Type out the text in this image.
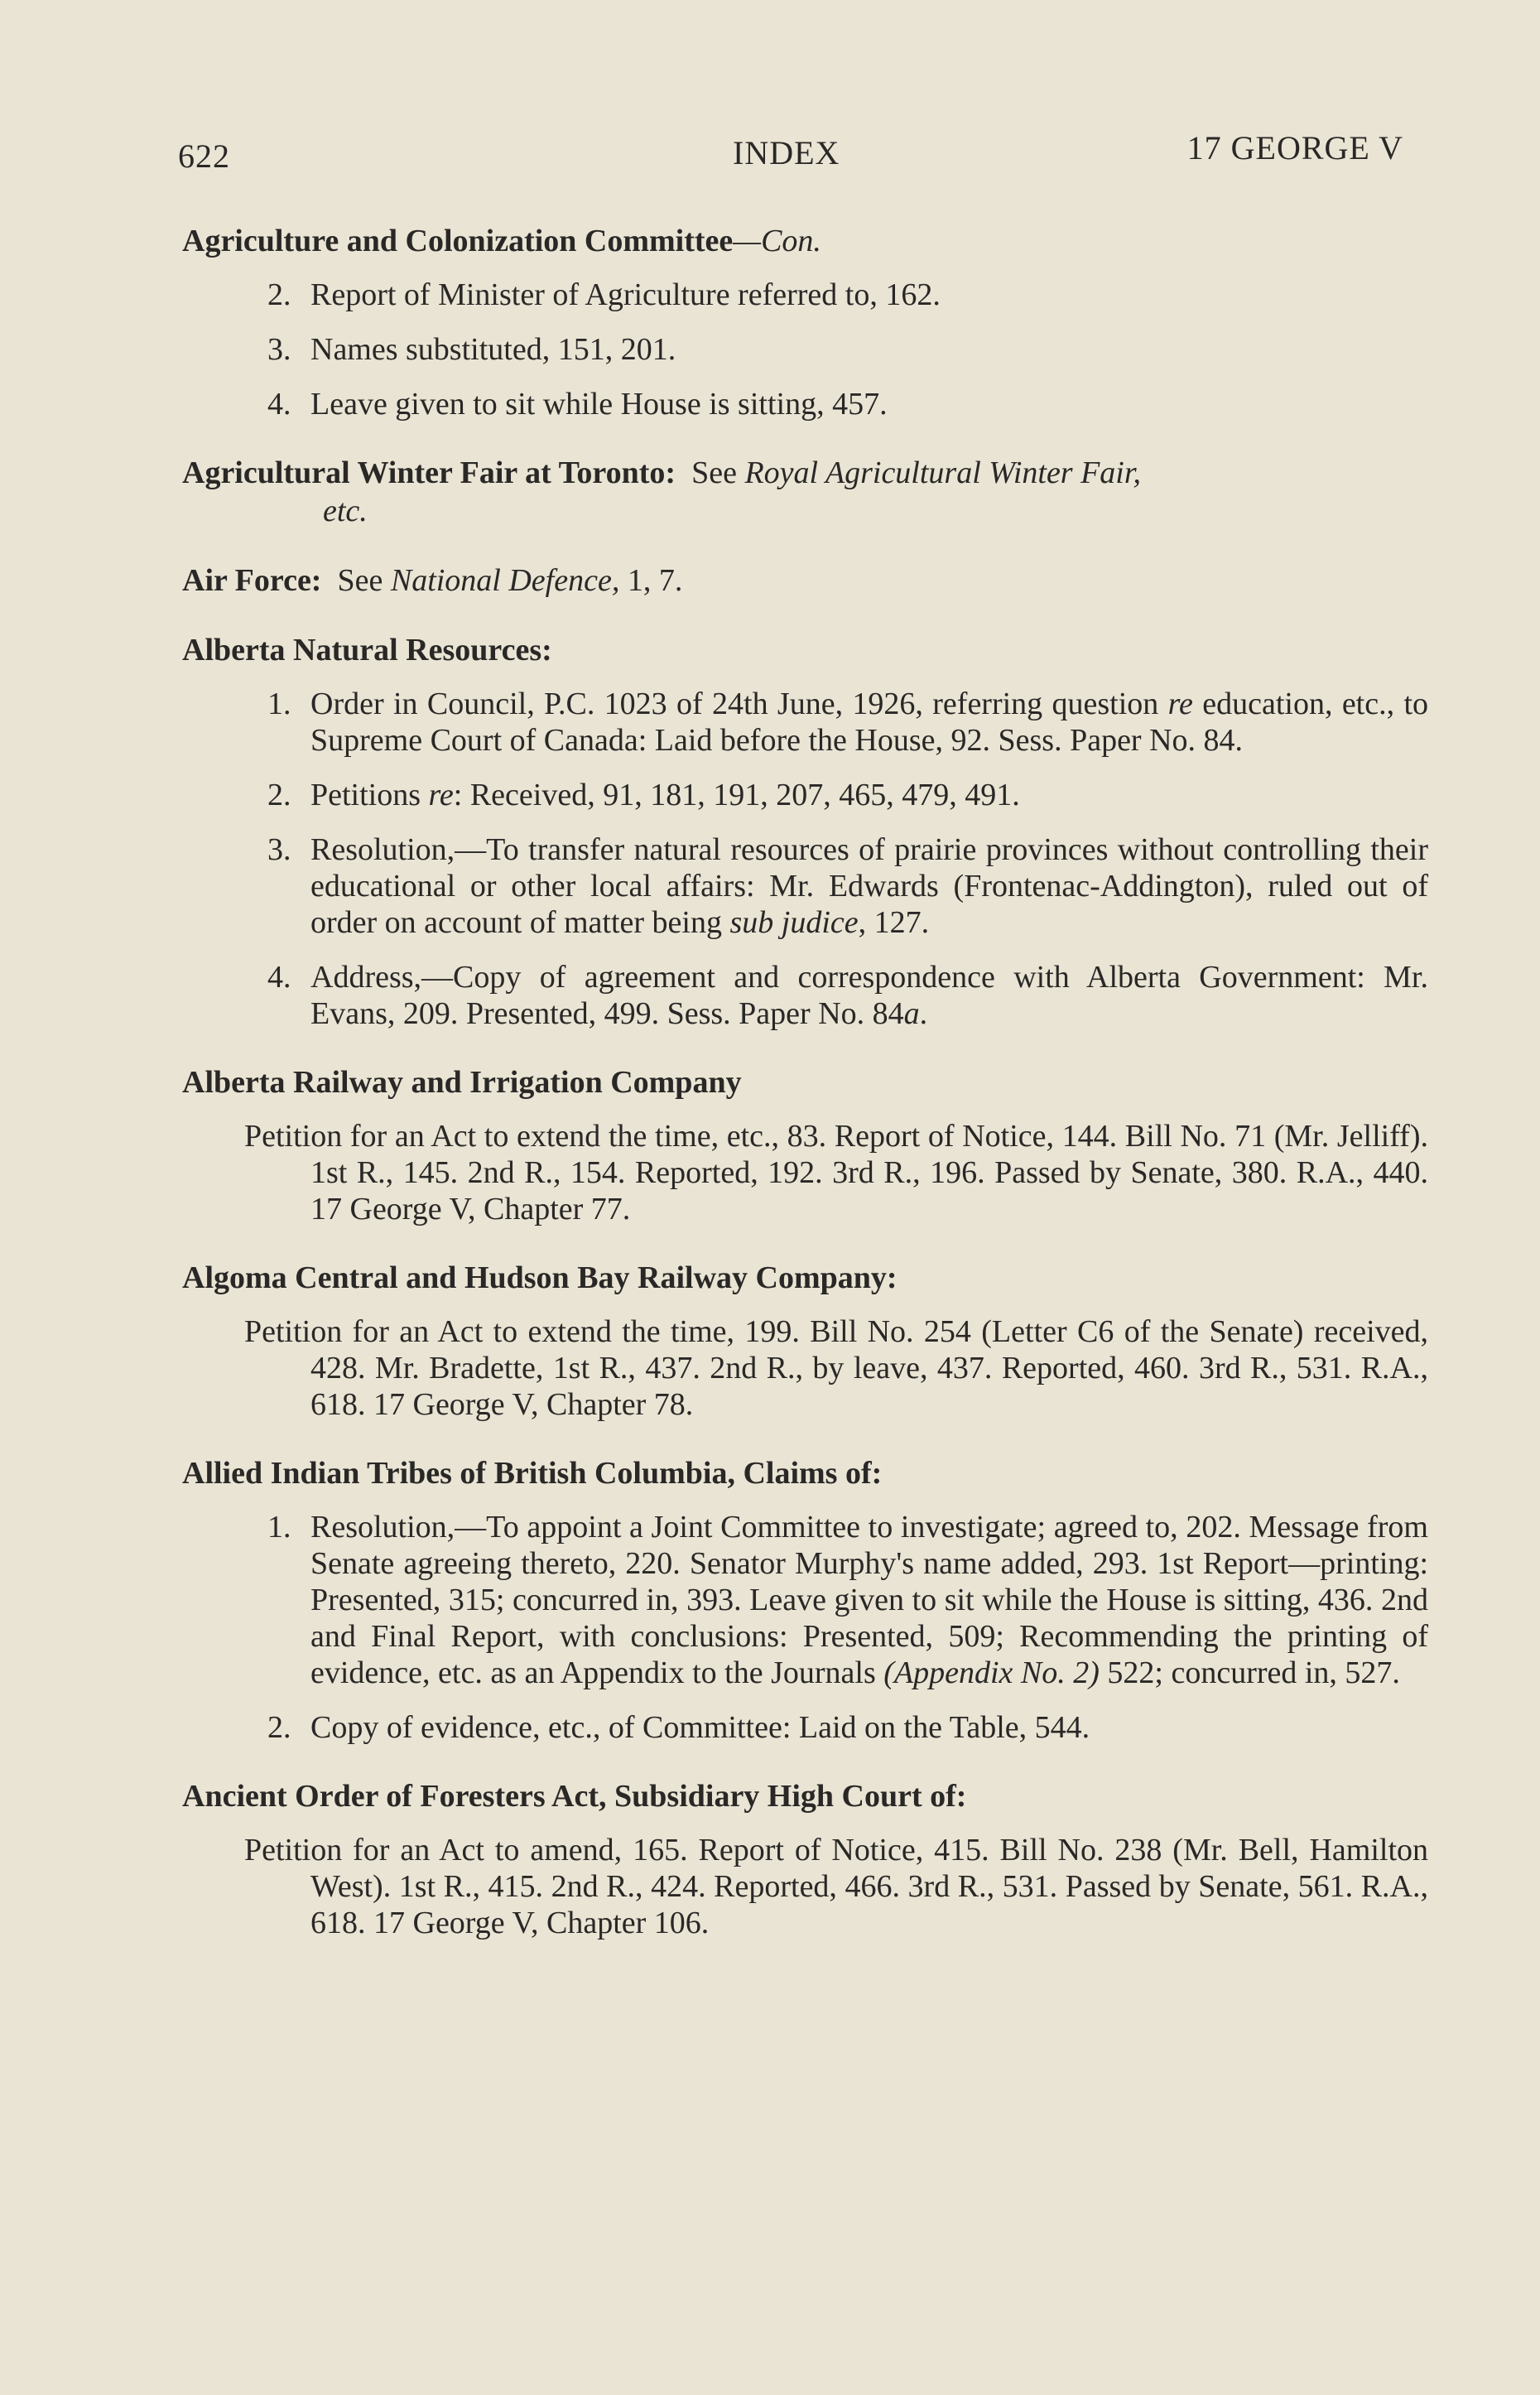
622	INDEX	17 GEORGE V
Agriculture and Colonization Committee—Con.

2. Report of Minister of Agriculture referred to, 162.

3. Names substituted, 151, 201.

4. Leave given to sit while House is sitting, 457.

Agricultural Winter Fair at Toronto: See Royal Agricultural Winter Fair,
etc.
Air Force: See National Defence, 1, 7.
Alberta Natural Resources:

1. Order in Council, P.C. 1023 of 24th June, 1926, referring question re education, etc., to Supreme Court of Canada: Laid before the House, 92. Sess. Paper No. 84.

2. Petitions re: Received, 91, 181, 191, 207, 465, 479, 491.

3. Resolution,—To transfer natural resources of prairie provinces without controlling their educational or other local affairs: Mr. Edwards (Frontenac-Addington), ruled out of order on account of matter being sub judice, 127.

4. Address,—Copy of agreement and correspondence with Alberta Government: Mr. Evans, 209. Presented, 499. Sess. Paper No. 84a.

Alberta Railway and Irrigation Company

Petition for an Act to extend the time, etc., 83. Report of Notice, 144. Bill No. 71 (Mr. Jelliff). 1st R., 145. 2nd R., 154. Reported, 192. 3rd R., 196. Passed by Senate, 380. R.A., 440. 17 George V, Chapter 77.

Algoma Central and Hudson Bay Railway Company:

Petition for an Act to extend the time, 199. Bill No. 254 (Letter C6 of the Senate) received, 428. Mr. Bradette, 1st R., 437. 2nd R., by leave, 437. Reported, 460. 3rd R., 531. R.A., 618. 17 George V, Chapter 78.

Allied Indian Tribes of British Columbia, Claims of:

1. Resolution,—To appoint a Joint Committee to investigate; agreed to, 202. Message from Senate agreeing thereto, 220. Senator Murphy's name added, 293. 1st Report—printing: Presented, 315; concurred in, 393. Leave given to sit while the House is sitting, 436. 2nd and Final Report, with conclusions: Presented, 509; Recommending the printing of evidence, etc. as an Appendix to the Journals (Appendix No. 2) 522; concurred in, 527.

2. Copy of evidence, etc., of Committee: Laid on the Table, 544.

Ancient Order of Foresters Act, Subsidiary High Court of:

Petition for an Act to amend, 165. Report of Notice, 415. Bill No. 238 (Mr. Bell, Hamilton West). 1st R., 415. 2nd R., 424. Reported, 466. 3rd R., 531. Passed by Senate, 561. R.A., 618. 17 George V, Chapter 106.
